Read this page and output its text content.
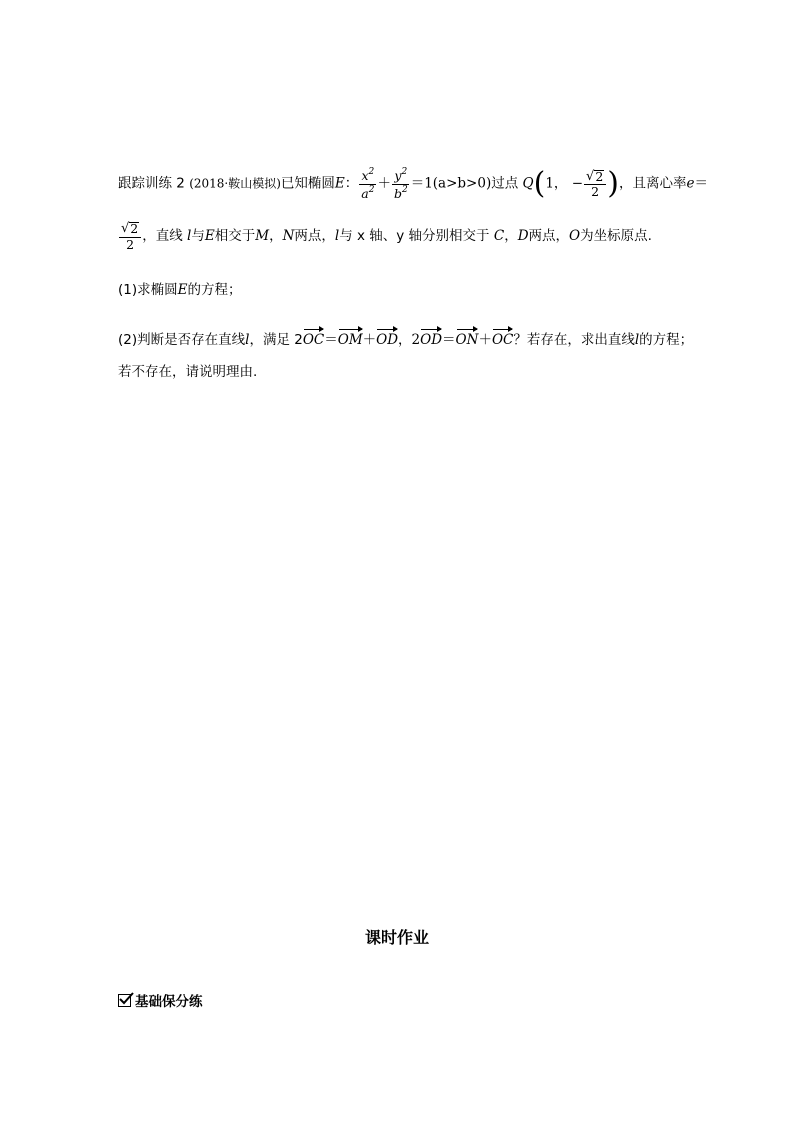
跟踪训练 2 (2018·鞍山模拟)已知椭圆E： $\frac{x^2}{a^2} + \frac{y^2}{b^2} =1(a>b>0)$过点 Q(1， − $\frac{√ 2}{2}$ )，且离心率e＝
$\frac{√ 2}{2}$ ，直线 l与E相交于M，N两点，l与 x 轴、y 轴分别相交于 C，D两点，O为坐标原点.
(1)求椭圆E的方程；
(2)判断是否存在直线l，满足 2OC＝OM＋OD，2OD＝ON＋OC？若存在，求出直线l的方程；
若不存在，请说明理由.
课时作业
基础保分练
